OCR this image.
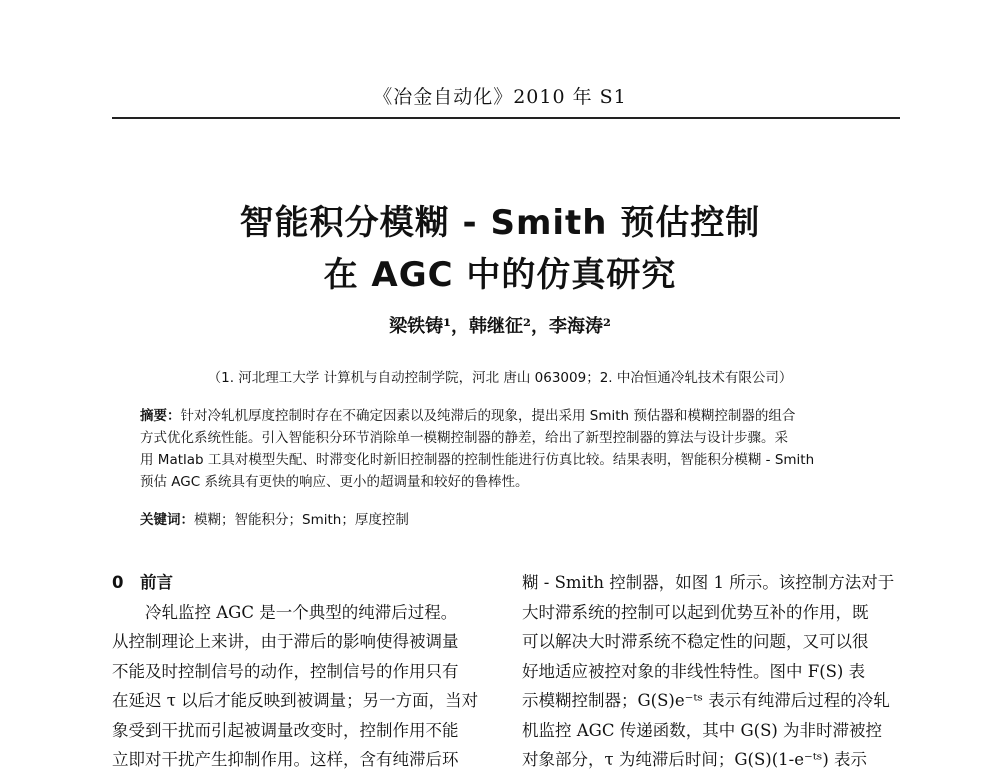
《冶金自动化》2010 年 S1
智能积分模糊 - Smith 预估控制
在 AGC 中的仿真研究
梁铁铸¹，韩继征²，李海涛²
（1. 河北理工大学 计算机与自动控制学院，河北 唐山 063009；2. 中冶恒通冷轧技术有限公司）
摘要：针对冷轧机厚度控制时存在不确定因素以及纯滞后的现象，提出采用 Smith 预估器和模糊控制器的组合
方式优化系统性能。引入智能积分环节消除单一模糊控制器的静差，给出了新型控制器的算法与设计步骤。采
用 Matlab 工具对模型失配、时滞变化时新旧控制器的控制性能进行仿真比较。结果表明，智能积分模糊 - Smith
预估 AGC 系统具有更快的响应、更小的超调量和较好的鲁棒性。
关键词：模糊；智能积分；Smith；厚度控制
0 前言
冷轧监控 AGC 是一个典型的纯滞后过程。
从控制理论上来讲，由于滞后的影响使得被调量
不能及时控制信号的动作，控制信号的作用只有
在延迟 τ 以后才能反映到被调量；另一方面，当对
象受到干扰而引起被调量改变时，控制作用不能
立即对干扰产生抑制作用。这样，含有纯滞后环
糊 - Smith 控制器，如图 1 所示。该控制方法对于
大时滞系统的控制可以起到优势互补的作用，既
可以解决大时滞系统不稳定性的问题，又可以很
好地适应被控对象的非线性特性。图中 F(S) 表
示模糊控制器；G(S)e⁻ᵗˢ 表示有纯滞后过程的冷轧
机监控 AGC 传递函数，其中 G(S) 为非时滞被控
对象部分，τ 为纯滞后时间；G(S)(1-e⁻ᵗˢ) 表示
